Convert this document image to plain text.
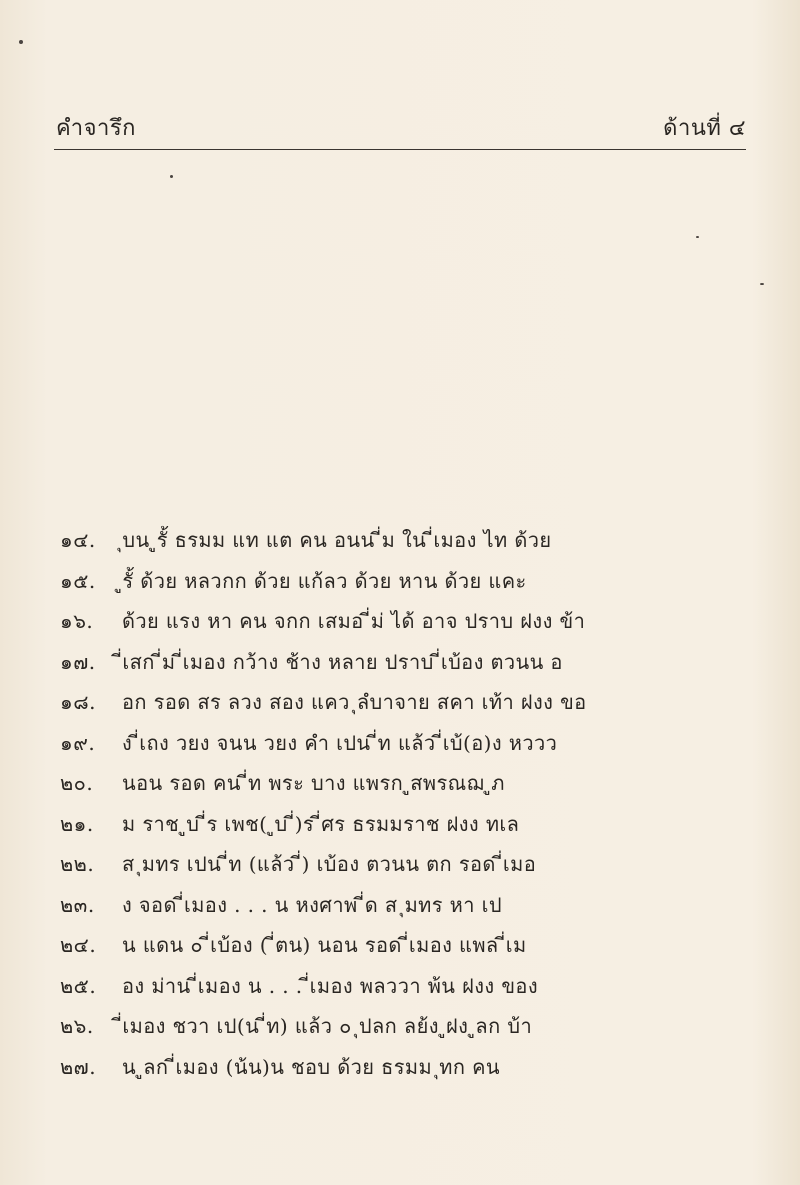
คำจารึก	ด้านที่ ๔
๑๔.	ุบน ูรั้ ธรมม แท แต คน อนน ี่ม ใน ี่เมอง ไท ด้วย
๑๕.	ูรั้ ด้วย หลวกก ด้วย แก้ลว ด้วย หาน ด้วย แคะ
๑๖.	ด้วย แรง หา คน จกก เสมอ ี่ม่ ได้ อาจ ปราบ ฝงง ข้า
๑๗.	ี่เสก ี่ม ี่เมอง กว้าง ช้าง หลาย ปราบ ี่เบ้อง ตวนน อ
๑๘.	อก รอด สร ลวง สอง แคว ุลํบาจาย สคา เท้า ฝงง ขอ
๑๙.	ง ี่เถง วยง จนน วยง คำ เปน ี่ท แล้ว ี่เบ้(อ)ง หววว
๒๐.	นอน รอด คน ี่ท พระ บาง แพรก ูสพรณฌ ูภ
๒๑.	ม ราช ูบ ี่ร เพช( ูบ ี่)ร ี่ศร ธรมมราช ฝงง ทเล
๒๒.	ส ุมทร เปน ี่ท (แล้ว ี่) เบ้อง ตวนน ตก รอด ี่เมอ
๒๓.	ง จอด ี่เมอง . . . น หงศาพ ี่ด ส ุมทร หา เป
๒๔.	น แดน ๐ ี่เบ้อง ( ี่ตน) นอน รอด ี่เมอง แพล ี่เม
๒๕.	อง ม่าน ี่เมอง น . . . ี่เมอง พลววา พ้น ฝงง ของ
๒๖.	ี่เมอง ชวา เป(น ี่ท) แล้ว ๐ ุปลก ลย้ง ูฝง ูลก บ้า
๒๗.	น ูลก ี่เมอง (น้น)น ชอบ ด้วย ธรมม ุทก คน
